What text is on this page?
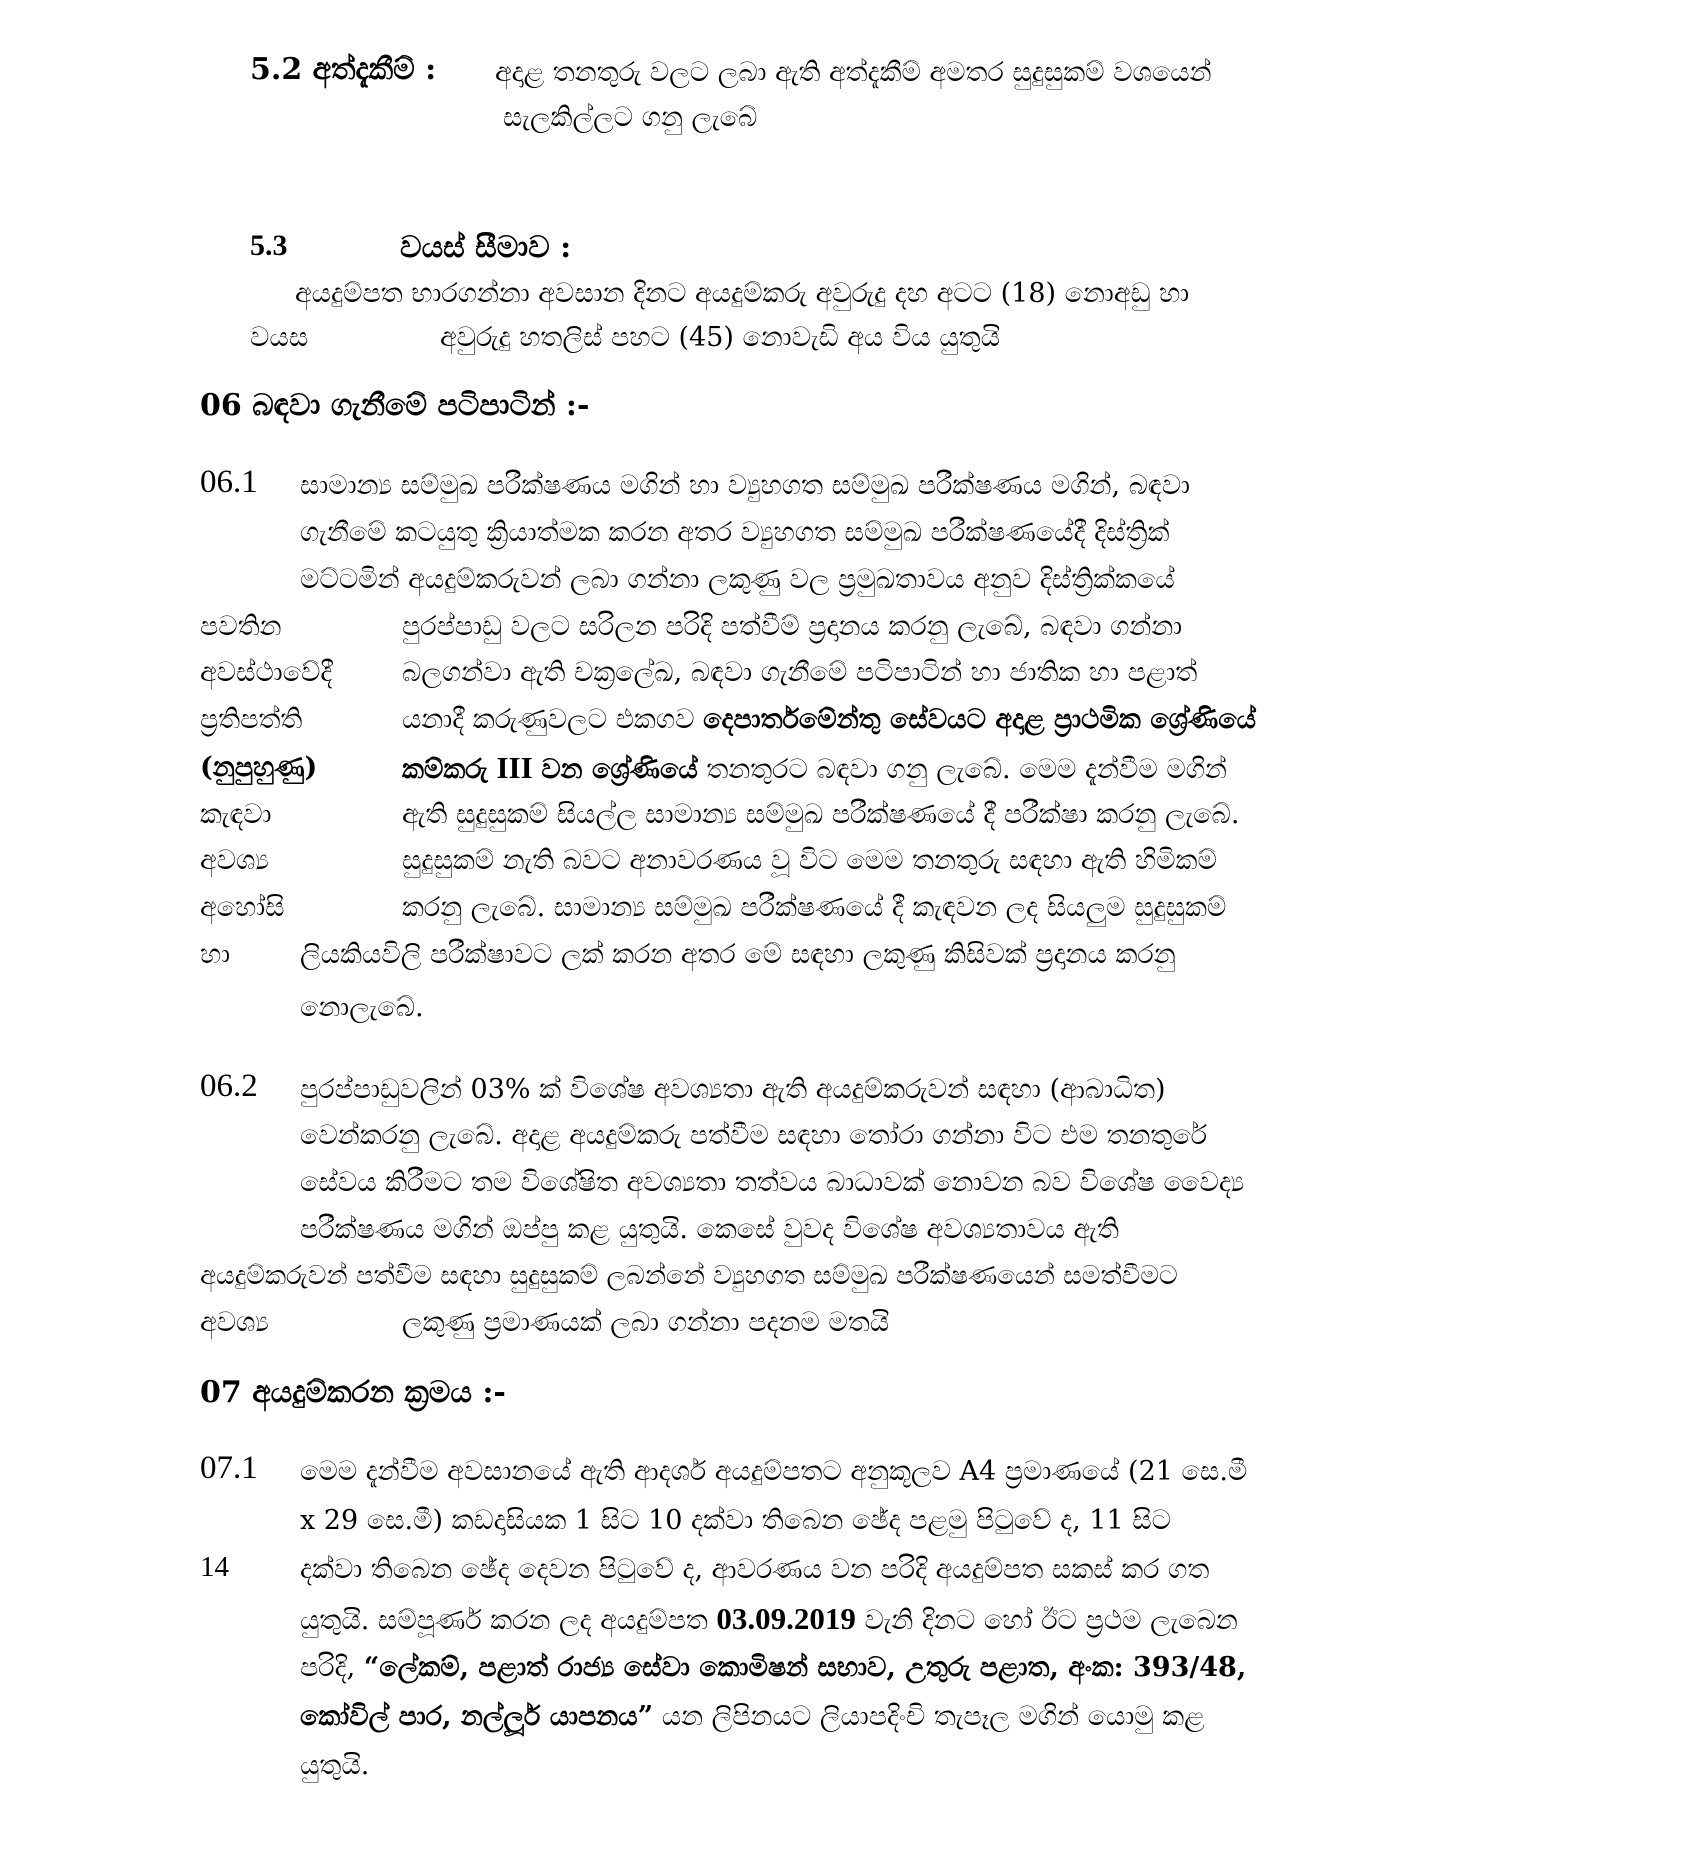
5.2 අත්දැකීම් : අදාළ තනතුරු වලට ලබා ඇති අත්දැකීම් අමතර සුදුසුකම් වශයෙන්
සැලකිල්ලට ගනු ලැබේ
5.3	වයස් සීමාව :
අයදුම්පත භාරගන්නා අවසාන දිනට අයදුම්කරු අවුරුදු දහ අටට (18) නොඅඩු හා
වයස	අවුරුදු හතලිස් පහට (45) නොවැඩි අය විය යුතුයි
06 බඳවා ගැනීමේ පටිපාටින් :-
06.1 සාමාන්‍ය සම්මුඛ පරීක්ෂණය මගින් හා ව්‍යුහගත සම්මුඛ පරීක්ෂණය මගින්, බඳවා
ගැනීමේ කටයුතු ක්‍රියාත්මක කරන අතර ව්‍යුහගත සම්මුඛ පරීක්ෂණයේදී දිස්ත්‍රික්
මට්ටමින් අයදුම්කරුවන් ලබා ගන්නා ලකුණු වල ප්‍රමුඛතාවය අනුව දිස්ත්‍රික්කයේ
පවතින	පුරප්පාඩු වලට සරිලන පරිදි පත්වීම් ප්‍රදානය කරනු ලැබේ, බඳවා ගන්නා
අවස්ථාවේදී	බලගන්වා ඇති චක්‍රලේඛ, බඳවා ගැනීමේ පටිපාටින් හා ජාතික හා පළාත්
ප්‍රතිපත්ති	යනාදී කරුණුවලට එකගව දෙපාර්තමේන්තු සේවයට අදාළ ප්‍රාථමික ශ්‍රේණියේ
(නුපුහුණු)	කම්කරු III වන ශ්‍රේණියේ තනතුරට බඳවා ගනු ලැබේ. මෙම දැන්වීම මගින්
කැඳවා	ඇති සුදුසුකම් සියල්ල සාමාන්‍ය සම්මුඛ පරීක්ෂණයේ දී පරීක්ෂා කරනු ලැබේ.
අවශ්‍ය	සුදුසුකම් නැති බවට අනාවරණය වූ විට මෙම තනතුරු සඳහා ඇති හිමිකම්
අහෝසි	කරනු ලැබේ. සාමාන්‍ය සම්මුඛ පරීක්ෂණයේ දී කැඳවන ලද සියලුම සුදුසුකම්
හා	ලියකියවිලි පරීක්ෂාවට ලක් කරන අතර මේ සඳහා ලකුණු කිසිවක් ප්‍රදානය කරනු
නොලැබේ.
06.2 පුරප්පාඩුවලින් 03% ක් විශේෂ අවශ්‍යතා ඇති අයදුම්කරුවන් සඳහා (ආබාධිත)
වෙන්කරනු ලැබේ. අදාළ අයදුම්කරු පත්වීම සඳහා තෝරා ගන්නා විට එම තනතුරේ
සේවය කිරීමට තම විශේෂිත අවශ්‍යතා තත්වය බාධාවක් නොවන බව විශේෂ වෛද්‍ය
පරීක්ෂණය මගින් ඔප්පු කළ යුතුයි. කෙසේ වුවද විශේෂ අවශ්‍යතාවය ඇති
අයදුම්කරුවන් පත්වීම සඳහා සුදුසුකම් ලබන්නේ ව්‍යුහගත සම්මුඛ පරීක්ෂණයෙන් සමත්වීමට
අවශ්‍ය	ලකුණු ප්‍රමාණයක් ලබා ගන්නා පදනම මතයි
07 අයදුම්කරන ක්‍රමය :-
07.1 මෙම දැන්වීම අවසානයේ ඇති ආදර්ශ අයදුම්පතට අනුකූලව A4 ප්‍රමාණයේ (21 සෙ.මී
x 29 සෙ.මී) කඩදාසියක 1 සිට 10 දක්වා තිබෙන ඡේද පළමු පිටුවේ ද, 11 සිට
14	දක්වා තිබෙන ඡේද දෙවන පිටුවේ ද, ආවරණය වන පරිදි අයදුම්පත සකස් කර ගත
යුතුයි. සම්පූර්ණ කරන ලද අයදුම්පත 03.09.2019 වැනි දිනට හෝ ඊට ප්‍රථම ලැබෙන
පරිදි, “ලේකම්, පළාත් රාජ්‍ය සේවා කොමිෂන් සභාව, උතුරු පළාත, අංක: 393/48,
කෝවිල් පාර, නල්ලූර් යාපනය” යන ලිපිනයට ලියාපදිංචි තැපෑල මගින් යොමු කළ
යුතුයි.
